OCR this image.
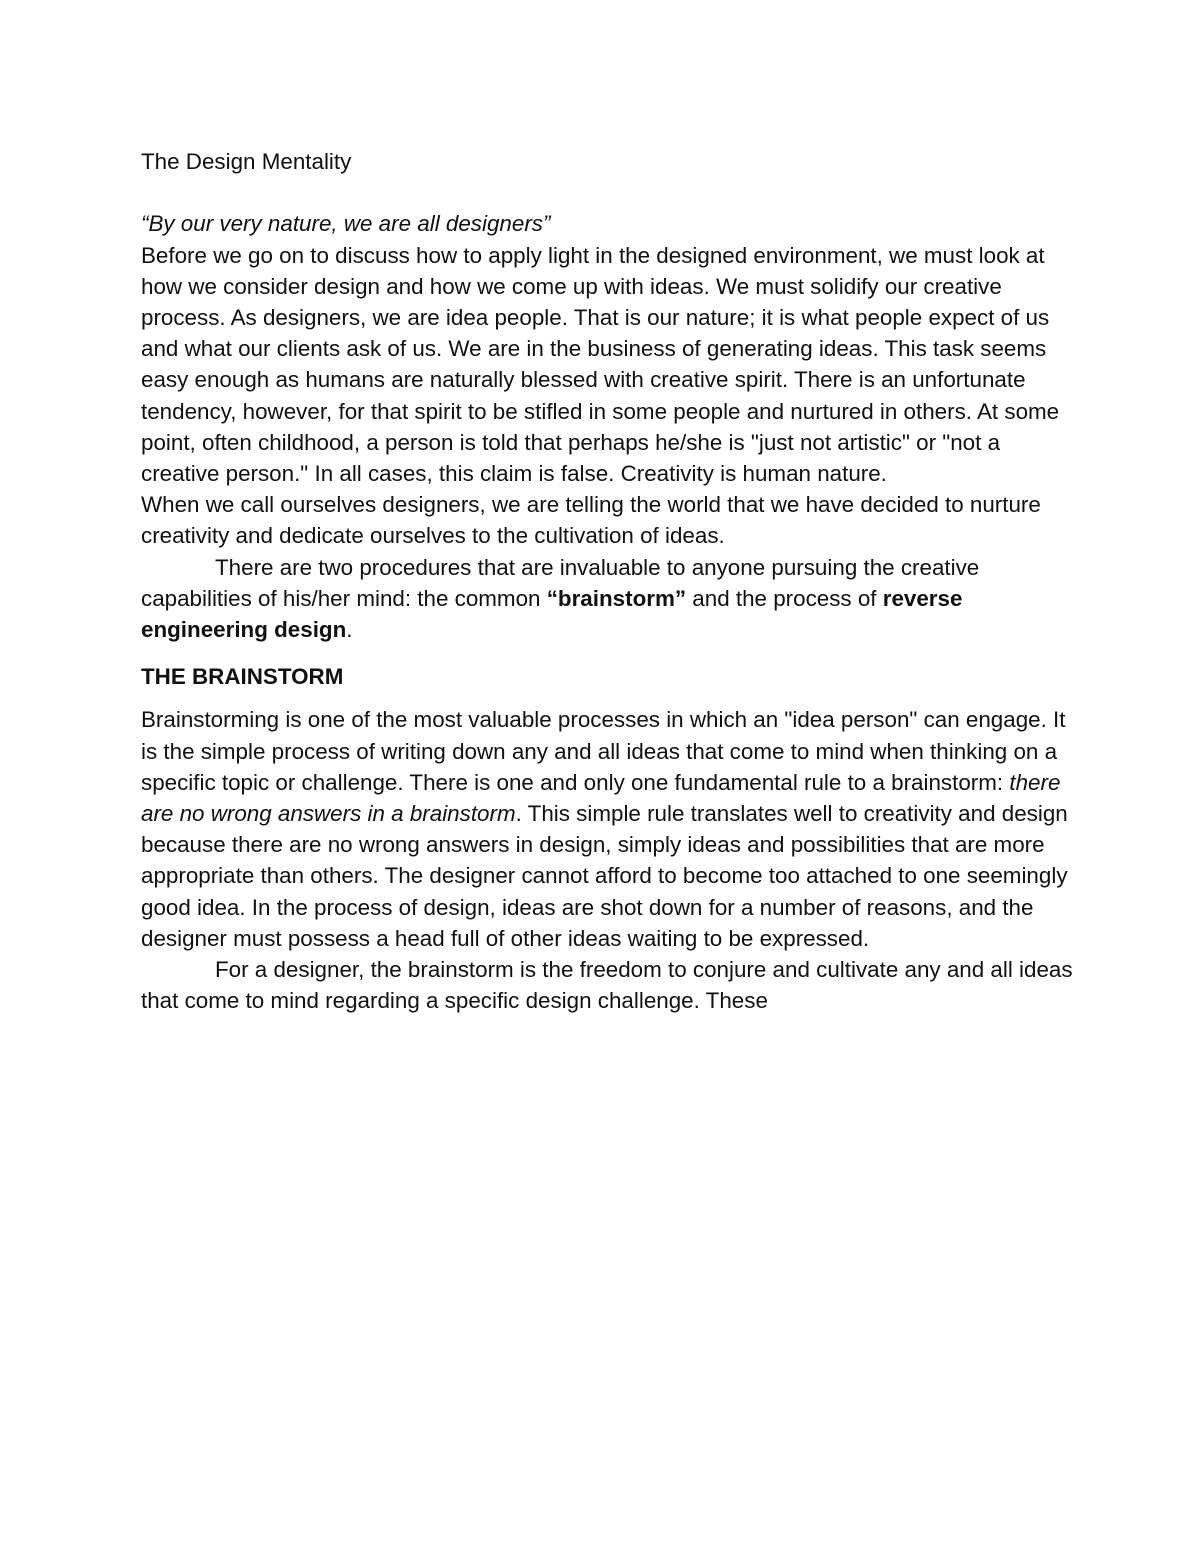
The Design Mentality

“By our very nature, we are all designers”

Before we go on to discuss how to apply light in the designed environment, we must look at how we consider design and how we come up with ideas. We must solidify our creative process. As designers, we are idea people. That is our nature; it is what people expect of us and what our clients ask of us. We are in the business of generating ideas. This task seems easy enough as humans are naturally blessed with creative spirit. There is an unfortunate tendency, however, for that spirit to be stifled in some people and nurtured in others. At some point, often childhood, a person is told that perhaps he/she is "just not artistic" or "not a creative person." In all cases, this claim is false. Creativity is human nature.

When we call ourselves designers, we are telling the world that we have decided to nurture creativity and dedicate ourselves to the cultivation of ideas.

There are two procedures that are invaluable to anyone pursuing the creative capabilities of his/her mind: the common “brainstorm” and the process of reverse engineering design.

THE BRAINSTORM

Brainstorming is one of the most valuable processes in which an "idea person" can engage. It is the simple process of writing down any and all ideas that come to mind when thinking on a specific topic or challenge. There is one and only one fundamental rule to a brainstorm: there are no wrong answers in a brainstorm. This simple rule translates well to creativity and design because there are no wrong answers in design, simply ideas and possibilities that are more appropriate than others. The designer cannot afford to become too attached to one seemingly good idea. In the process of design, ideas are shot down for a number of reasons, and the designer must possess a head full of other ideas waiting to be expressed.

For a designer, the brainstorm is the freedom to conjure and cultivate any and all ideas that come to mind regarding a specific design challenge. These
